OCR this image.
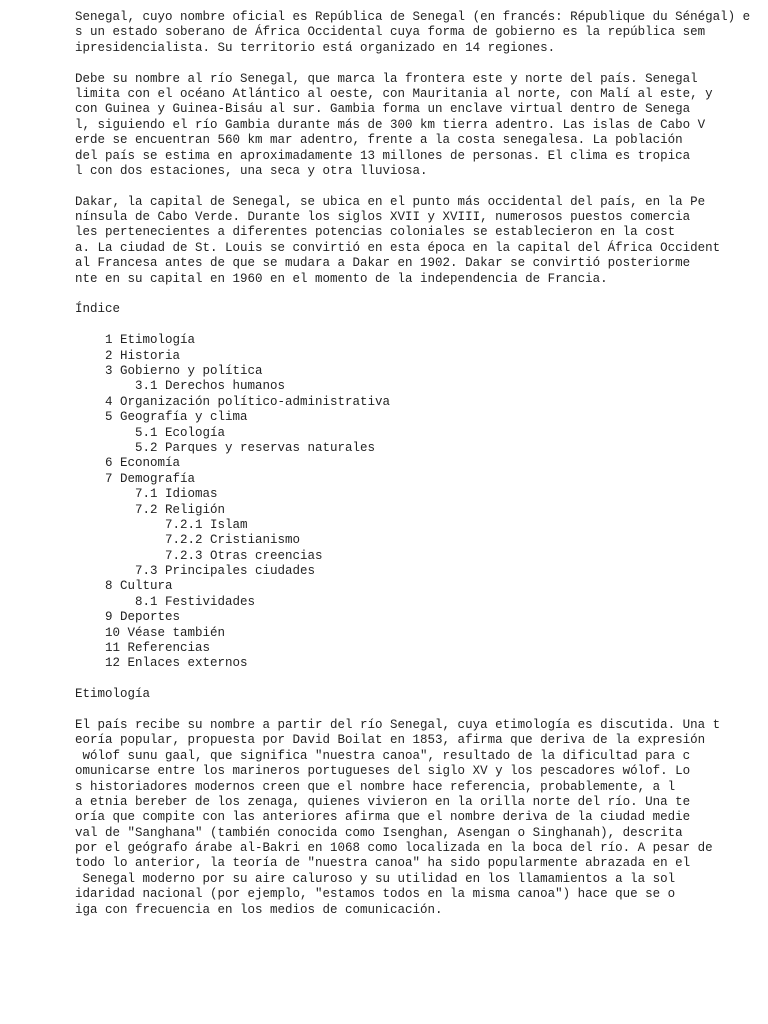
Senegal, cuyo nombre oficial es República de Senegal (en francés: République du Sénégal) e
s un estado soberano de África Occidental cuya forma de gobierno es la república sem
ipresidencialista. Su territorio está organizado en 14 regiones.
Debe su nombre al río Senegal, que marca la frontera este y norte del país. Senegal
limita con el océano Atlántico al oeste, con Mauritania al norte, con Malí al este, y
con Guinea y Guinea-Bisáu al sur. Gambia forma un enclave virtual dentro de Senega
l, siguiendo el río Gambia durante más de 300 km tierra adentro. Las islas de Cabo V
erde se encuentran 560 km mar adentro, frente a la costa senegalesa. La población
del país se estima en aproximadamente 13 millones de personas. El clima es tropica
l con dos estaciones, una seca y otra lluviosa.
Dakar, la capital de Senegal, se ubica en el punto más occidental del país, en la Pe
nínsula de Cabo Verde. Durante los siglos XVII y XVIII, numerosos puestos comercia
les pertenecientes a diferentes potencias coloniales se establecieron en la cost
a. La ciudad de St. Louis se convirtió en esta época en la capital del África Occident
al Francesa antes de que se mudara a Dakar en 1902. Dakar se convirtió posteriorme
nte en su capital en 1960 en el momento de la independencia de Francia.
Índice
1 Etimología
2 Historia
3 Gobierno y política
3.1 Derechos humanos
4 Organización político-administrativa
5 Geografía y clima
5.1 Ecología
5.2 Parques y reservas naturales
6 Economía
7 Demografía
7.1 Idiomas
7.2 Religión
7.2.1 Islam
7.2.2 Cristianismo
7.2.3 Otras creencias
7.3 Principales ciudades
8 Cultura
8.1 Festividades
9 Deportes
10 Véase también
11 Referencias
12 Enlaces externos
Etimología
El país recibe su nombre a partir del río Senegal, cuya etimología es discutida. Una t
eoría popular, propuesta por David Boilat en 1853, afirma que deriva de la expresión
wólof sunu gaal, que significa "nuestra canoa", resultado de la dificultad para c
omunicarse entre los marineros portugueses del siglo XV y los pescadores wólof. Lo
s historiadores modernos creen que el nombre hace referencia, probablemente, a l
a etnia bereber de los zenaga, quienes vivieron en la orilla norte del río. Una te
oría que compite con las anteriores afirma que el nombre deriva de la ciudad medie
val de "Sanghana" (también conocida como Isenghan, Asengan o Singhanah), descrita
por el geógrafo árabe al-Bakri en 1068 como localizada en la boca del río. A pesar de
todo lo anterior, la teoría de "nuestra canoa" ha sido popularmente abrazada en el
Senegal moderno por su aire caluroso y su utilidad en los llamamientos a la sol
idaridad nacional (por ejemplo, "estamos todos en la misma canoa") hace que se o
iga con frecuencia en los medios de comunicación.
